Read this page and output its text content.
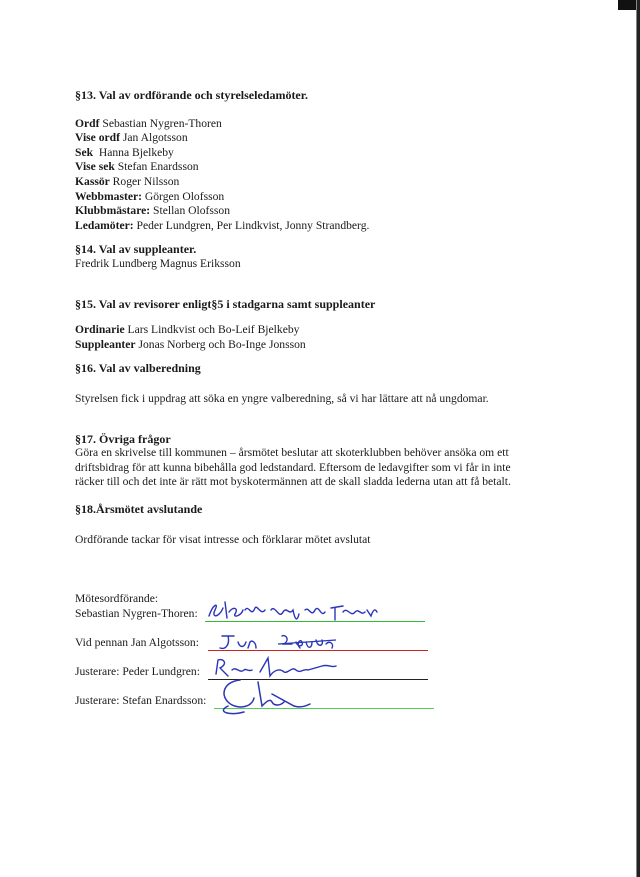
§13. Val av ordförande och styrelseledamöter.
Ordf Sebastian Nygren-Thoren
Vise ordf Jan Algotsson
Sek  Hanna Bjelkeby
Vise sek Stefan Enardsson
Kassör Roger Nilsson
Webbmaster: Görgen Olofsson
Klubbmästare: Stellan Olofsson
Ledamöter: Peder Lundgren, Per Lindkvist, Jonny Strandberg.
§14. Val av suppleanter.
Fredrik Lundberg Magnus Eriksson
§15. Val av revisorer enligt§5 i stadgarna samt suppleanter
Ordinarie Lars Lindkvist och Bo-Leif Bjelkeby
Suppleanter Jonas Norberg och Bo-Inge Jonsson
§16. Val av valberedning
Styrelsen fick i uppdrag att söka en yngre valberedning, så vi har lättare att nå ungdomar.
§17. Övriga frågor
Göra en skrivelse till kommunen – årsmötet beslutar att skoterklubben behöver ansöka om ett
driftsbidrag för att kunna bibehålla god ledstandard. Eftersom de ledavgifter som vi får in inte
räcker till och det inte är rätt mot byskotermännen att de skall sladda lederna utan att få betalt.
§18.Årsmötet avslutande
Ordförande tackar för visat intresse och förklarar mötet avslutat
Mötesordförande:
Sebastian Nygren-Thoren:
Vid pennan Jan Algotsson:
Justerare: Peder Lundgren:
Justerare: Stefan Enardsson:
